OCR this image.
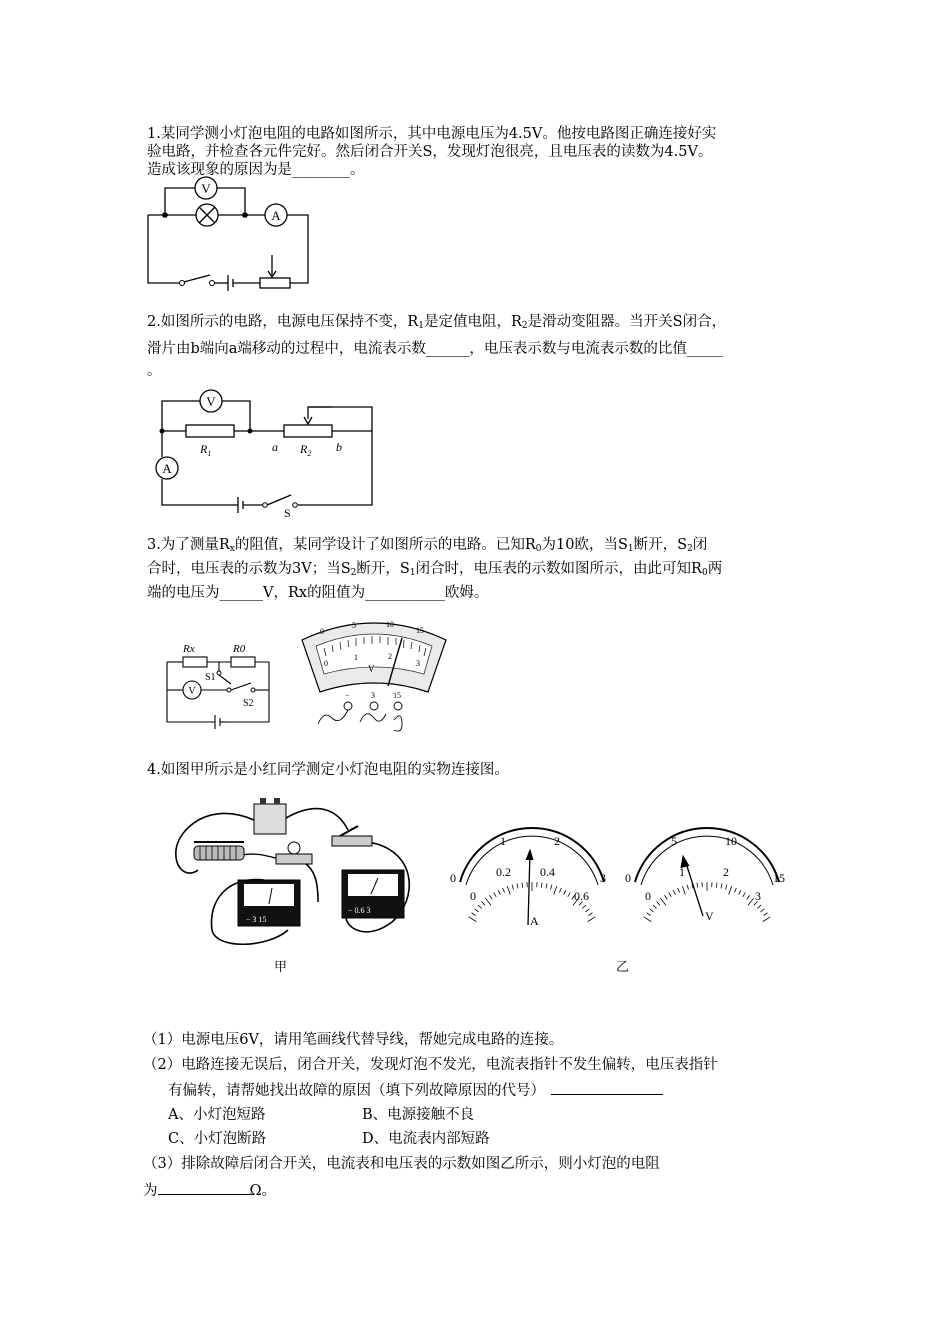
1.某同学测小灯泡电阻的电路如图所示，其中电源电压为4.5V。他按电路图正确连接好实
验电路，并检查各元件完好。然后闭合开关S，发现灯泡很亮，且电压表的读数为4.5V。
造成该现象的原因为是________。
V
A
2.如图所示的电路，电源电压保持不变，$R_1$是定值电阻，$R_2$是滑动变阻器。当开关S闭合，
滑片由b端向a端移动的过程中，电流表示数______，电压表示数与电流表示数的比值_____
。
V
A
$R_1$	$R_2$
a	b
S
3.为了测量$R_x$的阻值，某同学设计了如图所示的电路。已知$R_0$为10欧，当$S_1$断开，$S_2$闭
合时，电压表的示数为3V；当$S_2$断开，$S_1$闭合时，电压表的示数如图所示，由此可知$R_0$两
端的电压为______V，Rx的阻值为___________欧姆。
Rx	R0
S1
S2
V
0
5	10
15
0
1	2
3
V
−	3 15
4.如图甲所示是小红同学测定小灯泡电阻的实物连接图。
− 3 15
− 0.6 3
甲
0
1	2
3
0
0.2 0.4
0.6
A
0
5	10
15
0
1	2
3
V
乙
（1）电源电压6V，请用笔画线代替导线，帮她完成电路的连接。
（2）电路连接无误后，闭合开关，发现灯泡不发光，电流表指针不发生偏转，电压表指针
有偏转，请帮她找出故障的原因（填下列故障原因的代号）
A、小灯泡短路	B、电源接触不良
C、小灯泡断路	D、电流表内部短路
（3）排除故障后闭合开关，电流表和电压表的示数如图乙所示，则小灯泡的电阻
为	Ω。
